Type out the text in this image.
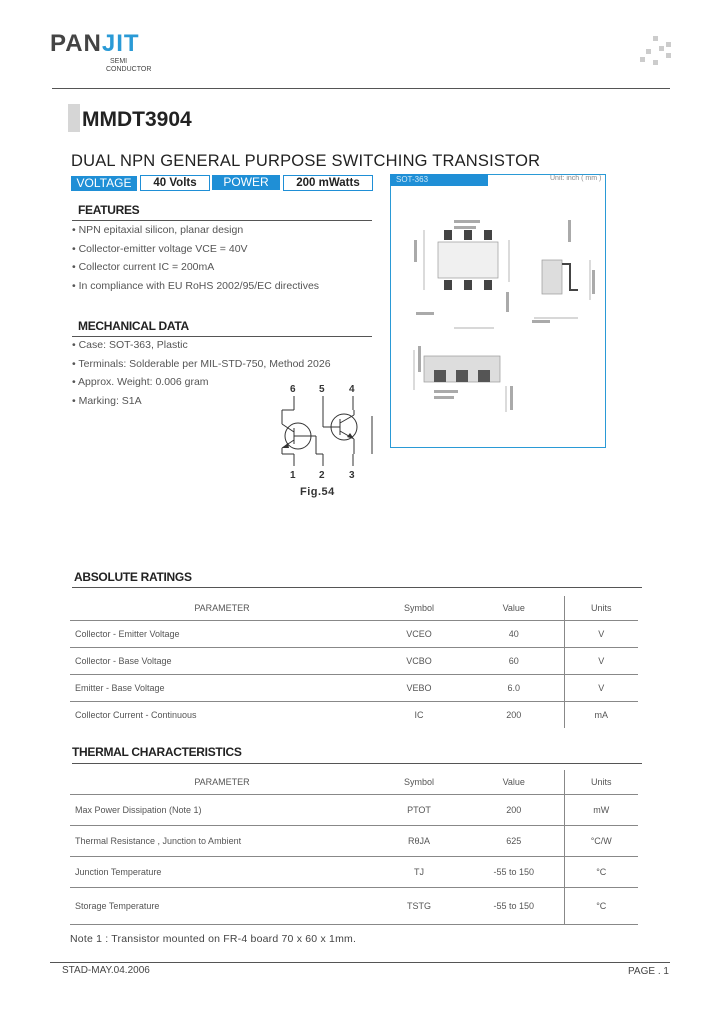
PANJIT
SEMI
CONDUCTOR
MMDT3904
DUAL NPN GENERAL PURPOSE SWITCHING TRANSISTOR
VOLTAGE	40 Volts	POWER	200 mWatts
FEATURES
• NPN epitaxial silicon, planar design
• Collector-emitter voltage VCE = 40V
• Collector current IC = 200mA
• In compliance with EU RoHS 2002/95/EC directives
MECHANICAL DATA
• Case: SOT-363, Plastic
• Terminals: Solderable per MIL-STD-750, Method 2026
• Approx. Weight: 0.006 gram
• Marking: S1A
6 5 4
1 2 3
Fig.54
SOT-363	Unit: inch ( mm )
ABSOLUTE RATINGS
PARAMETER	Symbol	Value	Units
Collector - Emitter Voltage	VCEO	40	V
Collector - Base Voltage	VCBO	60	V
Emitter - Base Voltage	VEBO	6.0	V
Collector Current - Continuous	IC	200	mA
THERMAL CHARACTERISTICS
PARAMETER	Symbol	Value	Units
Max Power Dissipation (Note 1)	PTOT	200	mW
Thermal Resistance , Junction to Ambient	RθJA	625	°C/W
Junction Temperature	TJ	-55 to 150	°C
Storage Temperature	TSTG	-55 to 150	°C
Note 1 : Transistor mounted on FR-4 board 70 x 60 x 1mm.
STAD-MAY.04.2006	PAGE . 1
